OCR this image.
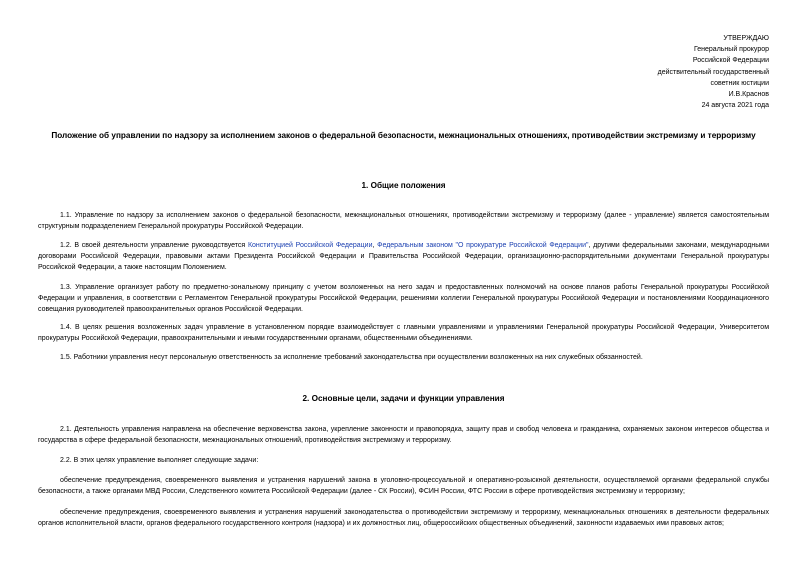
УТВЕРЖДАЮ
Генеральный прокурор
Российской Федерации
действительный государственный
советник юстиции
И.В.Краснов
24 августа 2021 года
Положение об управлении по надзору за исполнением законов о федеральной безопасности, межнациональных отношениях, противодействии экстремизму и терроризму
1. Общие положения
1.1. Управление по надзору за исполнением законов о федеральной безопасности, межнациональных отношениях, противодействии экстремизму и терроризму (далее - управление) является самостоятельным структурным подразделением Генеральной прокуратуры Российской Федерации.
1.2. В своей деятельности управление руководствуется Конституцией Российской Федерации, Федеральным законом "О прокуратуре Российской Федерации", другими федеральными законами, международными договорами Российской Федерации, правовыми актами Президента Российской Федерации и Правительства Российской Федерации, организационно-распорядительными документами Генеральной прокуратуры Российской Федерации, а также настоящим Положением.
1.3. Управление организует работу по предметно-зональному принципу с учетом возложенных на него задач и предоставленных полномочий на основе планов работы Генеральной прокуратуры Российской Федерации и управления, в соответствии с Регламентом Генеральной прокуратуры Российской Федерации, решениями коллегии Генеральной прокуратуры Российской Федерации и постановлениями Координационного совещания руководителей правоохранительных органов Российской Федерации.
1.4. В целях решения возложенных задач управление в установленном порядке взаимодействует с главными управлениями и управлениями Генеральной прокуратуры Российской Федерации, Университетом прокуратуры Российской Федерации, правоохранительными и иными государственными органами, общественными объединениями.
1.5. Работники управления несут персональную ответственность за исполнение требований законодательства при осуществлении возложенных на них служебных обязанностей.
2. Основные цели, задачи и функции управления
2.1. Деятельность управления направлена на обеспечение верховенства закона, укрепление законности и правопорядка, защиту прав и свобод человека и гражданина, охраняемых законом интересов общества и государства в сфере федеральной безопасности, межнациональных отношений, противодействия экстремизму и терроризму.
2.2. В этих целях управление выполняет следующие задачи:
обеспечение предупреждения, своевременного выявления и устранения нарушений закона в уголовно-процессуальной и оперативно-розыскной деятельности, осуществляемой органами федеральной службы безопасности, а также органами МВД России, Следственного комитета Российской Федерации (далее - СК России), ФСИН России, ФТС России в сфере противодействия экстремизму и терроризму;
обеспечение предупреждения, своевременного выявления и устранения нарушений законодательства о противодействии экстремизму и терроризму, межнациональных отношениях в деятельности федеральных органов исполнительной власти, органов федерального государственного контроля (надзора) и их должностных лиц, общероссийских общественных объединений, законности издаваемых ими правовых актов;
